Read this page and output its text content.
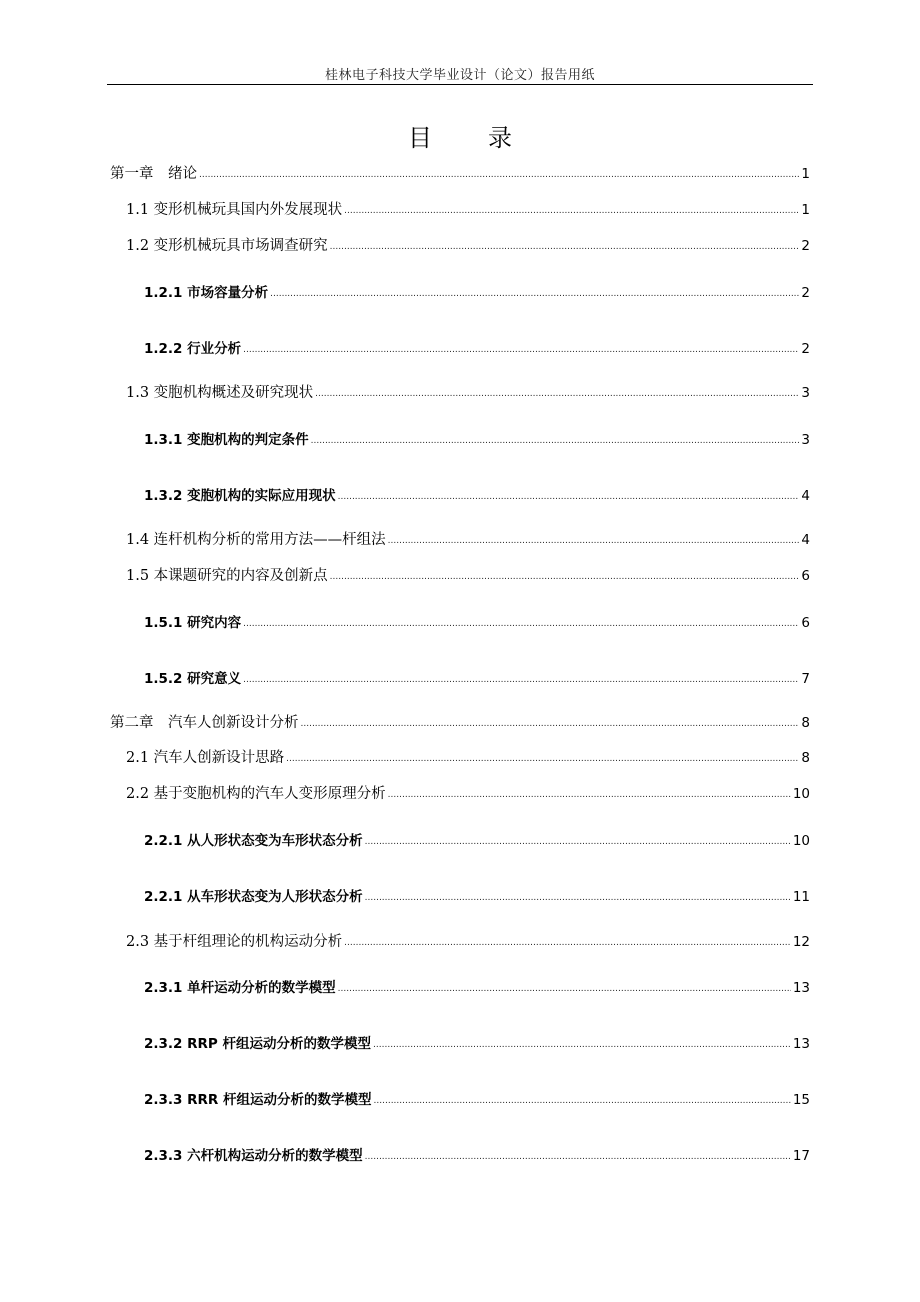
桂林电子科技大学毕业设计（论文）报告用纸
目录
第一章　绪论 .....	1
1.1 变形机械玩具国内外发展现状 .....	1
1.2 变形机械玩具市场调查研究 .....	2
1.2.1 市场容量分析 .....	2
1.2.2 行业分析 .....	2
1.3 变胞机构概述及研究现状 .....	3
1.3.1 变胞机构的判定条件 .....	3
1.3.2 变胞机构的实际应用现状 .....	4
1.4 连杆机构分析的常用方法——杆组法 .....	4
1.5 本课题研究的内容及创新点 .....	6
1.5.1 研究内容 .....	6
1.5.2 研究意义 .....	7
第二章　汽车人创新设计分析 .....	8
2.1 汽车人创新设计思路 .....	8
2.2 基于变胞机构的汽车人变形原理分析 .....	10
2.2.1 从人形状态变为车形状态分析 .....	10
2.2.1 从车形状态变为人形状态分析 .....	11
2.3 基于杆组理论的机构运动分析 .....	12
2.3.1 单杆运动分析的数学模型 .....	13
2.3.2 RRP 杆组运动分析的数学模型 .....	13
2.3.3 RRR 杆组运动分析的数学模型 .....	15
2.3.3 六杆机构运动分析的数学模型 .....	17
